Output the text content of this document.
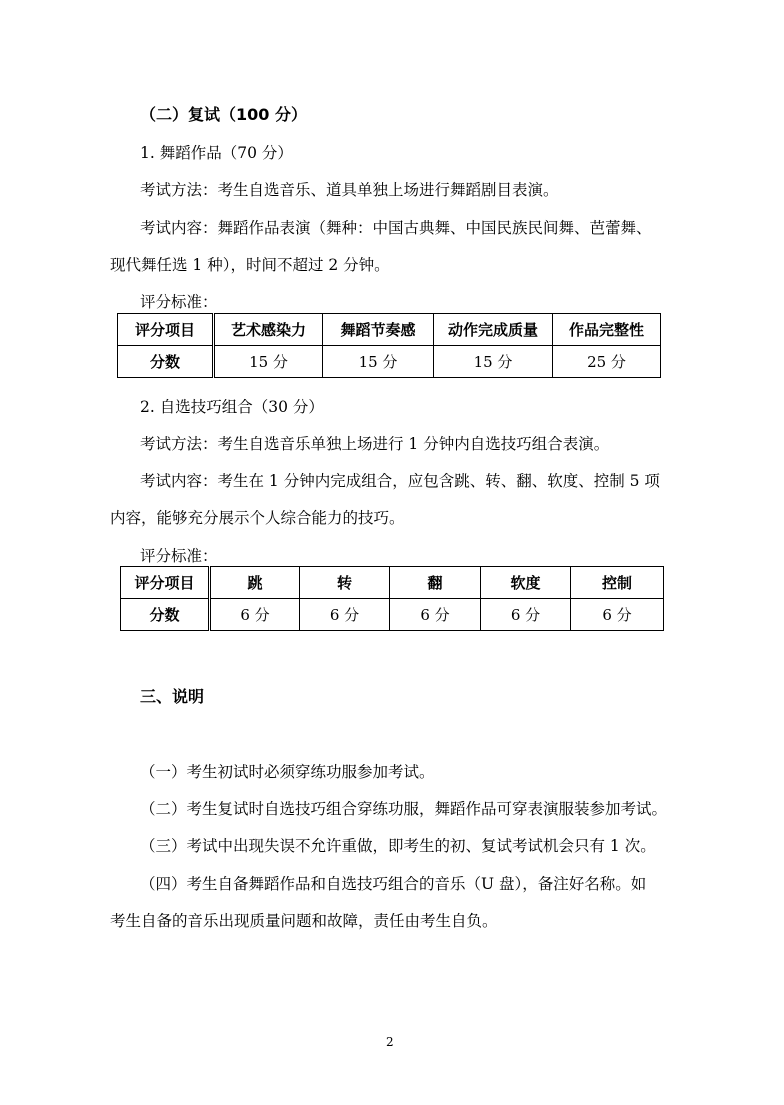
（二）复试（100 分）
1. 舞蹈作品（70 分）
考试方法：考生自选音乐、道具单独上场进行舞蹈剧目表演。
考试内容：舞蹈作品表演（舞种：中国古典舞、中国民族民间舞、芭蕾舞、
现代舞任选 1 种），时间不超过 2 分钟。
评分标准：
评分项目	艺术感染力	舞蹈节奏感	动作完成质量	作品完整性
分数	15 分	15 分	15 分	25 分
2. 自选技巧组合（30 分）
考试方法：考生自选音乐单独上场进行 1 分钟内自选技巧组合表演。
考试内容：考生在 1 分钟内完成组合，应包含跳、转、翻、软度、控制 5 项
内容，能够充分展示个人综合能力的技巧。
评分标准：
评分项目	跳	转	翻	软度	控制
分数	6 分	6 分	6 分	6 分	6 分
三、说明
（一）考生初试时必须穿练功服参加考试。
（二）考生复试时自选技巧组合穿练功服，舞蹈作品可穿表演服装参加考试。
（三）考试中出现失误不允许重做，即考生的初、复试考试机会只有 1 次。
（四）考生自备舞蹈作品和自选技巧组合的音乐（U 盘），备注好名称。如
考生自备的音乐出现质量问题和故障，责任由考生自负。
2
